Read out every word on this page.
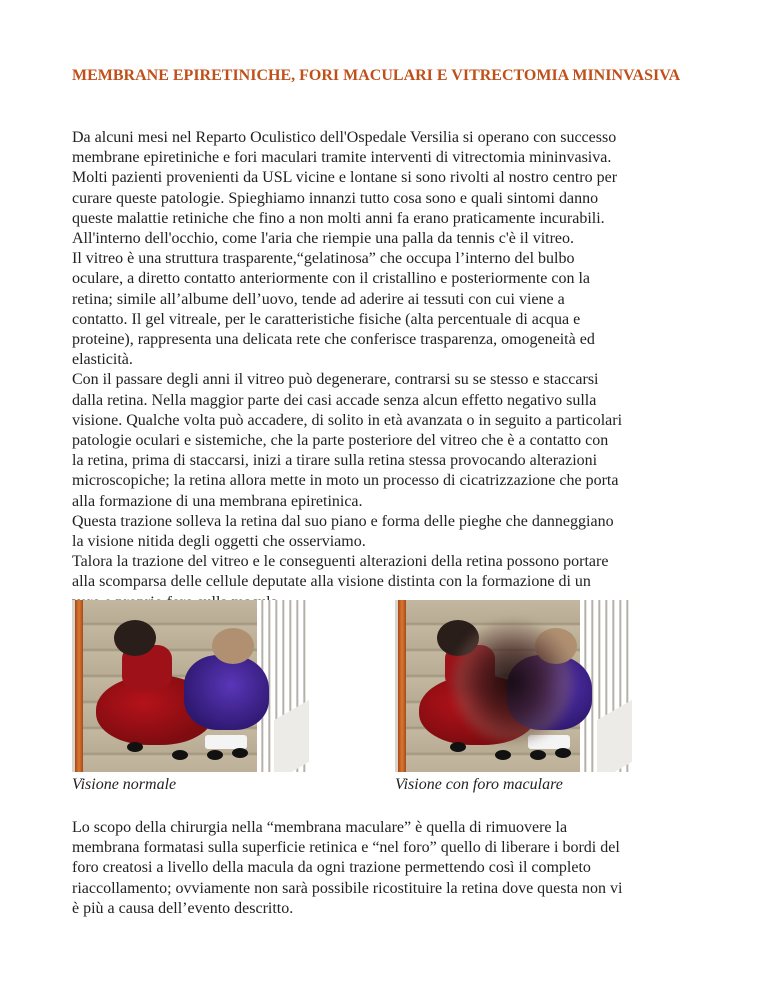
MEMBRANE EPIRETINICHE, FORI MACULARI E VITRECTOMIA MININVASIVA

Da alcuni mesi nel Reparto Oculistico dell'Ospedale Versilia si operano con successo

membrane epiretiniche e fori maculari tramite interventi di vitrectomia mininvasiva.

Molti pazienti provenienti da USL vicine e lontane si sono rivolti al nostro centro per

curare queste patologie. Spieghiamo innanzi tutto cosa sono e quali sintomi danno

queste malattie retiniche che fino a non molti anni fa erano praticamente incurabili.

All'interno dell'occhio, come l'aria che riempie una palla da tennis c'è il vitreo.

Il vitreo è una struttura trasparente,“gelatinosa” che occupa l’interno del bulbo

oculare, a diretto contatto anteriormente con il cristallino e posteriormente con la

retina; simile all’albume dell’uovo, tende ad aderire ai tessuti con cui viene a

contatto. Il gel vitreale, per le caratteristiche fisiche (alta percentuale di acqua e

proteine), rappresenta una delicata rete che conferisce trasparenza, omogeneità ed

elasticità.

Con il passare degli anni il vitreo può degenerare, contrarsi su se stesso e staccarsi

dalla retina. Nella maggior parte dei casi accade senza alcun effetto negativo sulla

visione. Qualche volta può accadere, di solito in età avanzata o in seguito a particolari

patologie oculari e sistemiche, che la parte posteriore del vitreo che è a contatto con

la retina, prima di staccarsi, inizi a tirare sulla retina stessa provocando alterazioni

microscopiche; la retina allora mette in moto un processo di cicatrizzazione che porta

alla formazione di una membrana epiretinica.

Questa trazione solleva la retina dal suo piano e forma delle pieghe che danneggiano

la visione nitida degli oggetti che osserviamo.

Talora la trazione del vitreo e le conseguenti alterazioni della retina possono portare

alla scomparsa delle cellule deputate alla visione distinta con la formazione di un

Visione normale	Visione con foro maculare

Lo scopo della chirurgia nella “membrana maculare” è quella di rimuovere la

membrana formatasi sulla superficie retinica e “nel foro” quello di liberare i bordi del

foro creatosi a livello della macula da ogni trazione permettendo così il completo

riaccollamento; ovviamente non sarà possibile ricostituire la retina dove questa non vi

è più a causa dell’evento descritto.
